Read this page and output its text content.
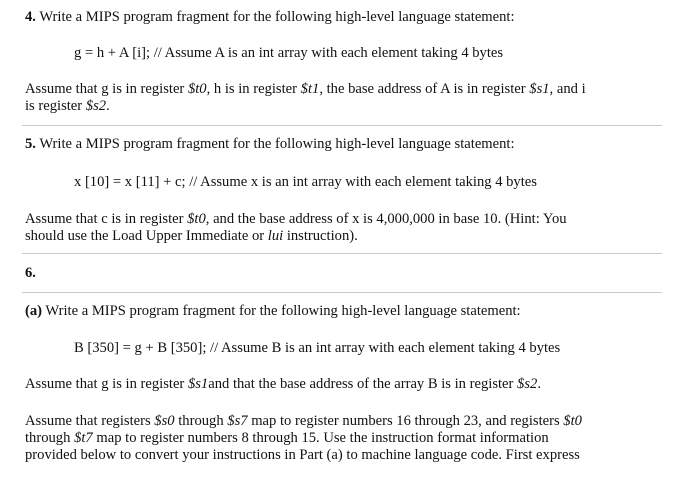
4. Write a MIPS program fragment for the following high-level language statement:
g = h + A [i]; // Assume A is an int array with each element taking 4 bytes
Assume that g is in register $t0, h is in register $t1, the base address of A is in register $s1, and i
is register $s2.
5. Write a MIPS program fragment for the following high-level language statement:
x [10] = x [11] + c; // Assume x is an int array with each element taking 4 bytes
Assume that c is in register $t0, and the base address of x is 4,000,000 in base 10. (Hint: You
should use the Load Upper Immediate or lui instruction).
6.
(a) Write a MIPS program fragment for the following high-level language statement:
B [350] = g + B [350]; // Assume B is an int array with each element taking 4 bytes
Assume that g is in register $s1and that the base address of the array B is in register $s2.
Assume that registers $s0 through $s7 map to register numbers 16 through 23, and registers $t0
through $t7 map to register numbers 8 through 15. Use the instruction format information
provided below to convert your instructions in Part (a) to machine language code. First express
